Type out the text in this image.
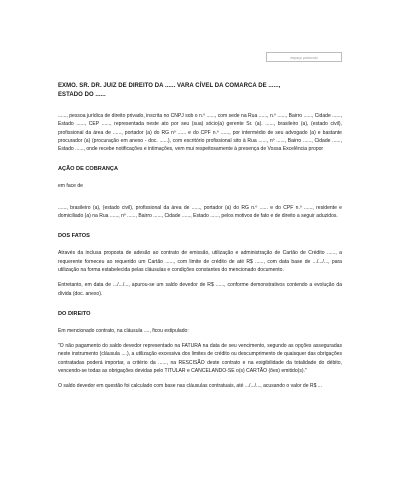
espaço protocolo
EXMO. SR. DR. JUIZ DE DIREITO DA ...... VARA CÍVEL DA COMARCA DE ......,
ESTADO DO ......

......, pessoa jurídica de direito privado, inscrita no CNPJ sob o n.º ......, com sede na Rua ......, n.º ......, Bairro ......, Cidade ......, Estado ......, CEP ......, representada neste ato por seu (sua) sócio(a) gerente Sr. (a). ......, brasileiro (a), (estado civil), profissional da área de ......, portador (a) do RG nº ...... e do CPF n.º ......, por intermédio de seu advogado (a) e bastante procurador (a) (procuração em anexo - doc. ......), com escritório profissional sito à Rua ......, nº ......, Bairro ......, Cidade ......, Estado ......, onde recebe notificações e intimações, vem mui respeitosamente à presença de Vossa Excelência propor

AÇÃO DE COBRANÇA

em face de

......, brasileiro (a), (estado civil), profissional da área de ......, portador (a) do RG n.º ...... e do CPF n.º ......, residente e domiciliado (a) na Rua ......, nº ......, Bairro ......, Cidade ......, Estado ......, pelos motivos de fato e de direito a seguir aduzidos.

DOS FATOS

Através da inclusa proposta de adesão ao contrato de emissão, utilização e administração de Cartão de Crédito ......, a requerente forneceu ao requerido um Cartão ......, com limite de crédito de até R$ ......, com data base de .../.../..., para utilização na forma estabelecida pelas cláusulas e condições constantes do mencionado documento.

Entretanto, em data de .../.../..., apurou-se um saldo devedor de R$ ......, conforme demonstrativos contendo a evolução da dívida (doc. anexo).

DO DIREITO

Em mencionado contrato, na cláusula ...., ficou estipulado:

"O não pagamento do saldo devedor representado na FATURA na data de seu vencimento, segundo as opções asseguradas neste instrumento (cláusula ....), a utilização excessiva dos limites de crédito ou descumprimento de quaisquer das obrigações contratadas poderá importar, a critério da ......, na RESCISÃO deste contrato e na exigibilidade da totalidade do débito, vencendo-se todas as obrigações devidas pelo TITULAR e CANCELANDO-SE o(s) CARTÃO (ões) emitido(s)."

O saldo devedor em questão foi calculado com base nas cláusulas contratuais, até .../.../..., acusando o valor de R$ ...
